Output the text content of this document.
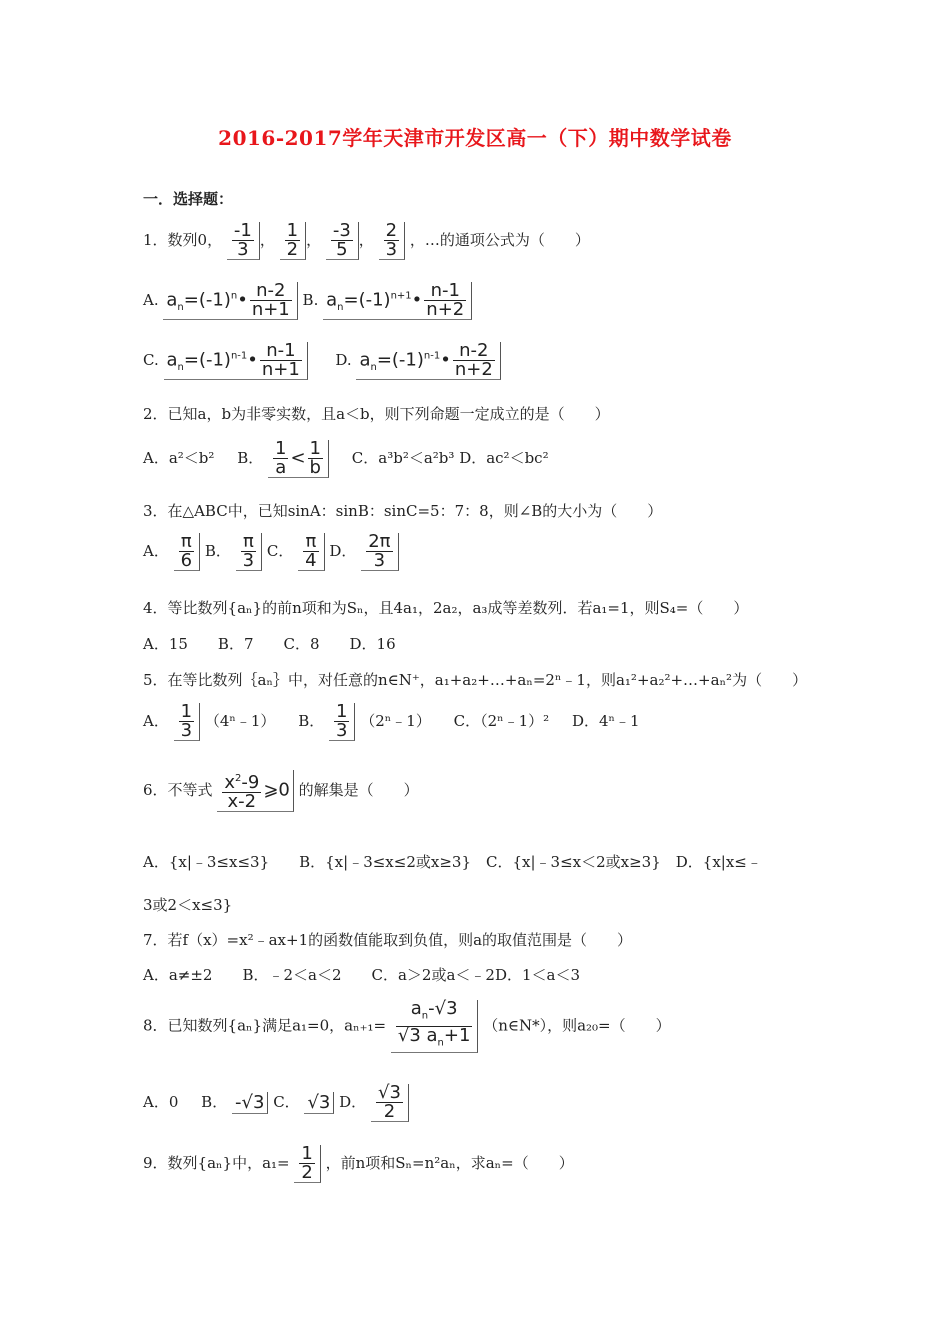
2016-2017学年天津市开发区高一（下）期中数学试卷
一．选择题：
1．数列0， $\frac{-1}{3}$ ， $\frac{1}{2}$ ， $\frac{-3}{5}$ ， $\frac{2}{3}$ ，…的通项公式为（　　）
A. $a_n=(-1)^n• \frac{n-2}{n+1} B$. $a_n=(-1)^{n+1}• \frac{n-1}{n+2}$
C. $a_n=(-1)^{n-1}• \frac{n-1}{n+1} D$. $a_n=(-1)^{n-1}• \frac{n-2}{n+2}$
2．已知a，b为非零实数，且a＜b，则下列命题一定成立的是（　　）
A．a²＜b² B． $\frac{1}{a} < \frac{1}{b}$ C．a³b²＜a²b³ D．ac²＜bc²
3．在△ABC中，已知sinA：sinB：sinC=5：7：8，则∠B的大小为（　　）
A． $\frac{\pi}{6}$ B． $\frac{\pi}{3}$ C． $\frac{\pi}{4}$ D． $\frac{2\pi}{3}$
4．等比数列{aₙ}的前n项和为Sₙ，且4a₁，2a₂，a₃成等差数列．若a₁=1，则S₄=（　　）
A．15　　B．7　　C．8　　D．16
5．在等比数列｛aₙ｝中，对任意的n∈N⁺，a₁+a₂+…+aₙ=2ⁿ﹣1，则a₁²+a₂²+…+aₙ²为（　　）
A． $\frac{1}{3}$ （4ⁿ﹣1） B． $\frac{1}{3}$ （2ⁿ﹣1） C．（2ⁿ﹣1）² D．4ⁿ﹣1
6．不等式 $\frac{x^2-9}{x-2}$ ⩾0 的解集是（　　）
A．{x|﹣3≤x≤3}　　B．{x|﹣3≤x≤2或x≥3}　C．{x|﹣3≤x＜2或x≥3}　D．{x|x≤﹣
3或2＜x≤3}
7．若f（x）=x²﹣ax+1的函数值能取到负值，则a的取值范围是（　　）
A．a≠±2　　B．﹣2＜a＜2　　C．a＞2或a＜﹣2D．1＜a＜3
8．已知数列{aₙ}满足a₁=0，$a_{n+1}= \frac{a_n-√3}{√3 a_n+1}$ （n∈N*），则a₂₀=（　　）
A．0 B． -√3 C． √3 D． $\frac{√3}{2}$
9．数列{aₙ}中，$a_1= \frac{1}{2}$ ，前n项和Sₙ=n²aₙ，求aₙ=（　　）
